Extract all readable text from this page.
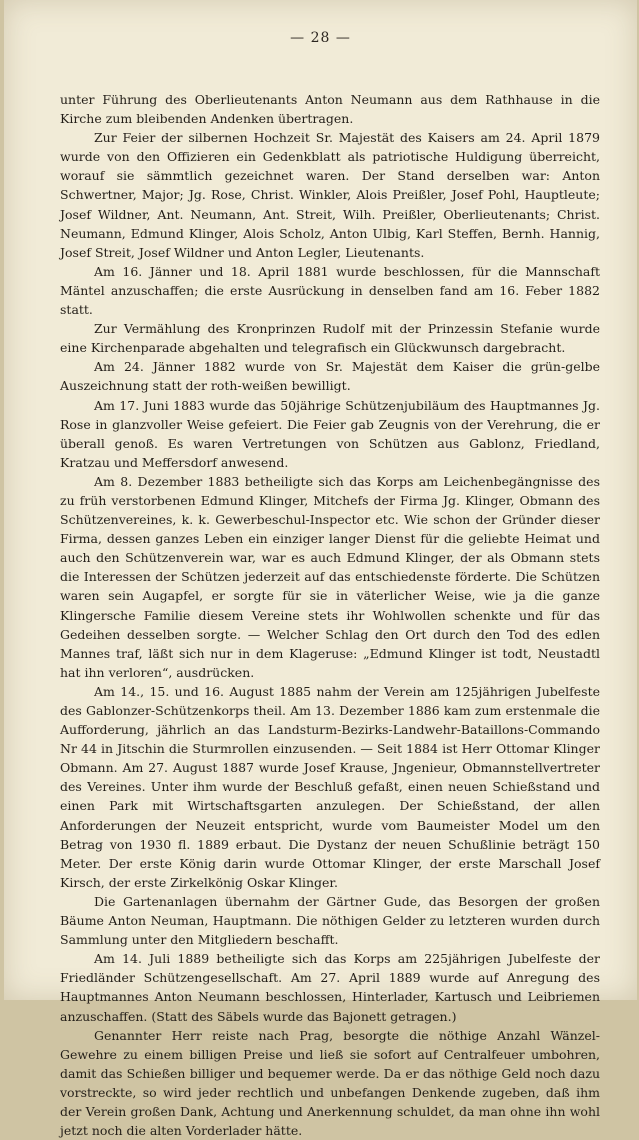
— 28 —

unter Führung des Oberlieutenants Anton Neumann aus dem Rathhause in die Kirche zum bleibenden Andenken übertragen.

Zur Feier der silbernen Hochzeit Sr. Majestät des Kaisers am 24. April 1879 wurde von den Offizieren ein Gedenkblatt als patriotische Huldigung überreicht, worauf sie sämmtlich gezeichnet waren. Der Stand derselben war: Anton Schwertner, Major; Jg. Rose, Christ. Winkler, Alois Preißler, Josef Pohl, Hauptleute; Josef Wildner, Ant. Neumann, Ant. Streit, Wilh. Preißler, Oberlieutenants; Christ. Neumann, Edmund Klinger, Alois Scholz, Anton Ulbig, Karl Steffen, Bernh. Hannig, Josef Streit, Josef Wildner und Anton Legler, Lieutenants.

Am 16. Jänner und 18. April 1881 wurde beschlossen, für die Mannschaft Mäntel anzuschaffen; die erste Ausrückung in denselben fand am 16. Feber 1882 statt.

Zur Vermählung des Kronprinzen Rudolf mit der Prinzessin Stefanie wurde eine Kirchenparade abgehalten und telegrafisch ein Glückwunsch dargebracht.

Am 24. Jänner 1882 wurde von Sr. Majestät dem Kaiser die grün-gelbe Auszeichnung statt der roth-weißen bewilligt.

Am 17. Juni 1883 wurde das 50jährige Schützenjubiläum des Hauptmannes Jg. Rose in glanzvoller Weise gefeiert. Die Feier gab Zeugnis von der Verehrung, die er überall genoß. Es waren Vertretungen von Schützen aus Gablonz, Friedland, Kratzau und Meffersdorf anwesend.

Am 8. Dezember 1883 betheiligte sich das Korps am Leichenbegängnisse des zu früh verstorbenen Edmund Klinger, Mitchefs der Firma Jg. Klinger, Obmann des Schützenvereines, k. k. Gewerbeschul-Inspector etc. Wie schon der Gründer dieser Firma, dessen ganzes Leben ein einziger langer Dienst für die geliebte Heimat und auch den Schützenverein war, war es auch Edmund Klinger, der als Obmann stets die Interessen der Schützen jederzeit auf das entschiedenste förderte. Die Schützen waren sein Augapfel, er sorgte für sie in väterlicher Weise, wie ja die ganze Klingersche Familie diesem Vereine stets ihr Wohlwollen schenkte und für das Gedeihen desselben sorgte. — Welcher Schlag den Ort durch den Tod des edlen Mannes traf, läßt sich nur in dem Klageruse: „Edmund Klinger ist todt, Neustadtl hat ihn verloren“, ausdrücken.

Am 14., 15. und 16. August 1885 nahm der Verein am 125jährigen Jubelfeste des Gablonzer-Schützenkorps theil. Am 13. Dezember 1886 kam zum erstenmale die Aufforderung, jährlich an das Landsturm-Bezirks-Landwehr-Bataillons-Commando Nr 44 in Jitschin die Sturmrollen einzusenden. — Seit 1884 ist Herr Ottomar Klinger Obmann. Am 27. August 1887 wurde Josef Krause, Jngenieur, Obmannstellvertreter des Vereines. Unter ihm wurde der Beschluß gefaßt, einen neuen Schießstand und einen Park mit Wirtschaftsgarten anzulegen. Der Schießstand, der allen Anforderungen der Neuzeit entspricht, wurde vom Baumeister Model um den Betrag von 1930 fl. 1889 erbaut. Die Dystanz der neuen Schußlinie beträgt 150 Meter. Der erste König darin wurde Ottomar Klinger, der erste Marschall Josef Kirsch, der erste Zirkelkönig Oskar Klinger.

Die Gartenanlagen übernahm der Gärtner Gude, das Besorgen der großen Bäume Anton Neuman, Hauptmann. Die nöthigen Gelder zu letzteren wurden durch Sammlung unter den Mitgliedern beschafft.

Am 14. Juli 1889 betheiligte sich das Korps am 225jährigen Jubelfeste der Friedländer Schützengesellschaft. Am 27. April 1889 wurde auf Anregung des Hauptmannes Anton Neumann beschlossen, Hinterlader, Kartusch und Leibriemen anzuschaffen. (Statt des Säbels wurde das Bajonett getragen.)

Genannter Herr reiste nach Prag, besorgte die nöthige Anzahl Wänzel-Gewehre zu einem billigen Preise und ließ sie sofort auf Centralfeuer umbohren, damit das Schießen billiger und bequemer werde. Da er das nöthige Geld noch dazu vorstreckte, so wird jeder rechtlich und unbefangen Denkende zugeben, daß ihm der Verein großen Dank, Achtung und Anerkennung schuldet, da man ohne ihn wohl jetzt noch die alten Vorderlader hätte.
